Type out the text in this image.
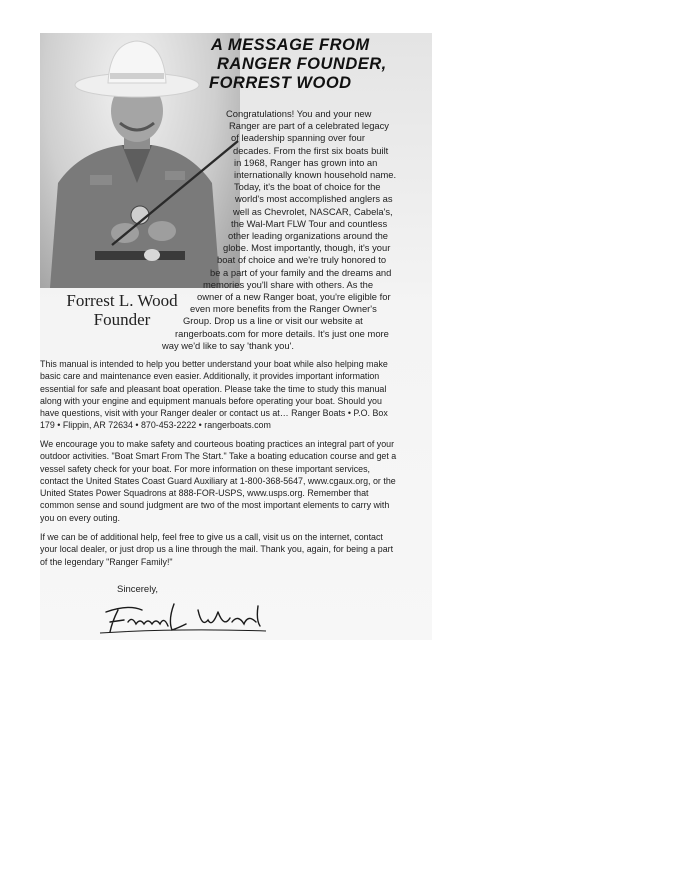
A MESSAGE FROM
RANGER FOUNDER,
FORREST WOOD
Congratulations! You and your new
Ranger are part of a celebrated legacy
of leadership spanning over four
decades. From the first six boats built
in 1968, Ranger has grown into an
internationally known household name.
Today, it's the boat of choice for the
world's most accomplished anglers as
well as Chevrolet, NASCAR, Cabela's,
the Wal-Mart FLW Tour and countless
other leading organizations around the
globe. Most importantly, though, it's your
boat of choice and we're truly honored to
be a part of your family and the dreams and
memories you'll share with others. As the
owner of a new Ranger boat, you're eligible for
even more benefits from the Ranger Owner's
Group. Drop us a line or visit our website at
rangerboats.com for more details. It's just one more
way we'd like to say 'thank you'.
Forrest L. Wood
Founder
This manual is intended to help you better understand your boat while also helping make basic care and maintenance even easier. Additionally, it provides important information essential for safe and pleasant boat operation. Please take the time to study this manual along with your engine and equipment manuals before operating your boat. Should you have questions, visit with your Ranger dealer or contact us at… Ranger Boats • P.O. Box 179 • Flippin, AR 72634 • 870-453-2222 • rangerboats.com
We encourage you to make safety and courteous boating practices an integral part of your outdoor activities. "Boat Smart From The Start." Take a boating education course and get a vessel safety check for your boat. For more information on these important services, contact the United States Coast Guard Auxiliary at 1-800-368-5647, www.cgaux.org, or the United States Power Squadrons at 888-FOR-USPS, www.usps.org. Remember that common sense and sound judgment are two of the most important elements to carry with you on every outing.
If we can be of additional help, feel free to give us a call, visit us on the internet, contact your local dealer, or just drop us a line through the mail. Thank you, again, for being a part of the legendary "Ranger Family!"
Sincerely,
